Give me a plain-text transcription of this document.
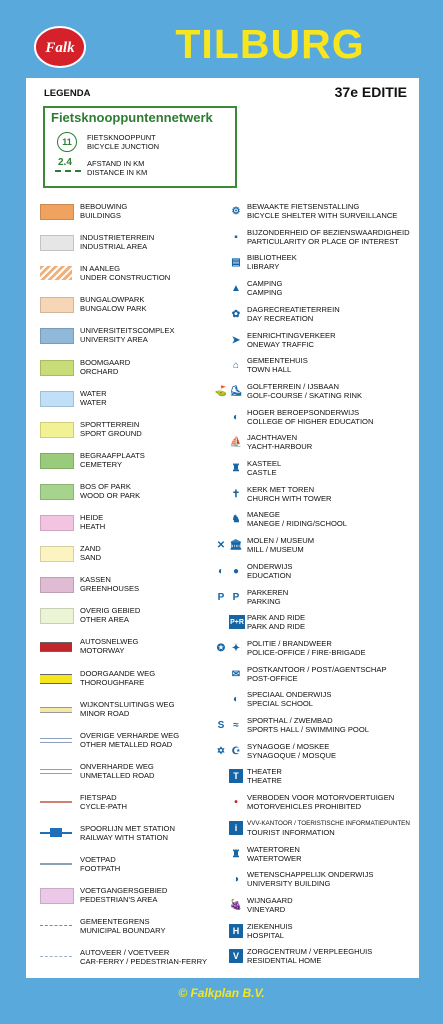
Falk	TILBURG
LEGENDA	37e EDITIE
Fietsknooppuntennetwerk
11	FIETSKNOOPPUNT
BICYCLE JUNCTION
2.4 AFSTAND IN KM
DISTANCE IN KM
BEBOUWING
BUILDINGS
INDUSTRIETERREIN
INDUSTRIAL AREA
IN AANLEG
UNDER CONSTRUCTION
BUNGALOWPARK
BUNGALOW PARK
UNIVERSITEITSCOMPLEX
UNIVERSITY AREA
BOOMGAARD
ORCHARD
WATER
WATER
SPORTTERREIN
SPORT GROUND
BEGRAAFPLAATS
CEMETERY
BOS OF PARK
WOOD OR PARK
HEIDE
HEATH
ZAND
SAND
KASSEN
GREENHOUSES
OVERIG GEBIED
OTHER AREA
AUTOSNELWEG
MOTORWAY
DOORGAANDE WEG
THOROUGHFARE
WIJKONTSLUITINGS WEG
MINOR ROAD
OVERIGE VERHARDE WEG
OTHER METALLED ROAD
ONVERHARDE WEG
UNMETALLED ROAD
FIETSPAD
CYCLE-PATH
SPOORLIJN MET STATION
RAILWAY WITH STATION
VOETPAD
FOOTPATH
VOETGANGERSGEBIED
PEDESTRIAN'S AREA
GEMEENTEGRENS
MUNICIPAL BOUNDARY
AUTOVEER / VOETVEER
CAR-FERRY / PEDESTRIAN-FERRY
⚙ BEWAAKTE FIETSENSTALLING
BICYCLE SHELTER WITH SURVEILLANCE
▪	BIJZONDERHEID OF BEZIENSWAARDIGHEID
PARTICULARITY OR PLACE OF INTEREST
▤ BIBLIOTHEEK
LIBRARY
▲ CAMPING
CAMPING
✿ DAGRECREATIETERREIN
DAY RECREATION
➤ EENRICHTINGVERKEER
ONEWAY TRAFFIC
⌂	GEMEENTEHUIS
TOWN HALL
⛳ ⛸ GOLFTERREIN / IJSBAAN
GOLF-COURSE / SKATING RINK
◐	HOGER BEROEPSONDERWIJS
COLLEGE OF HIGHER EDUCATION
⛵ JACHTHAVEN
YACHT-HARBOUR
♜ KASTEEL
CASTLE
✝ KERK MET TOREN
CHURCH WITH TOWER
♞ MANEGE
MANEGE / RIDING/SCHOOL
✕ 🏛 MOLEN / MUSEUM
MILL / MUSEUM
◐ ●	ONDERWIJS
EDUCATION
P P	PARKEREN
PARKING
P+R PARK AND RIDE
PARK AND RIDE
✪ ✦ POLITIE / BRANDWEER
POLICE-OFFICE / FIRE-BRIGADE
✉ POSTKANTOOR / POST/AGENTSCHAP
POST-OFFICE
◐	SPECIAAL ONDERWIJS
SPECIAL SCHOOL
S ≈	SPORTHAL / ZWEMBAD
SPORTS HALL / SWIMMING POOL
✡ ☪ SYNAGOGE / MOSKEE
SYNAGOQUE / MOSQUE
T	THEATER
THEATRE
•	VERBODEN VOOR MOTORVOERTUIGEN
MOTORVEHICLES PROHIBITED
i	VVV-KANTOOR / TOERISTISCHE INFORMATIEPUNTEN
TOURIST INFORMATION
♜ WATERTOREN
WATERTOWER
◑	WETENSCHAPPELIJK ONDERWIJS
UNIVERSITY BUILDING
🍇 WIJNGAARD
VINEYARD
H	ZIEKENHUIS
HOSPITAL
V	ZORGCENTRUM / VERPLEEGHUIS
RESIDENTIAL HOME
© Falkplan B.V.
